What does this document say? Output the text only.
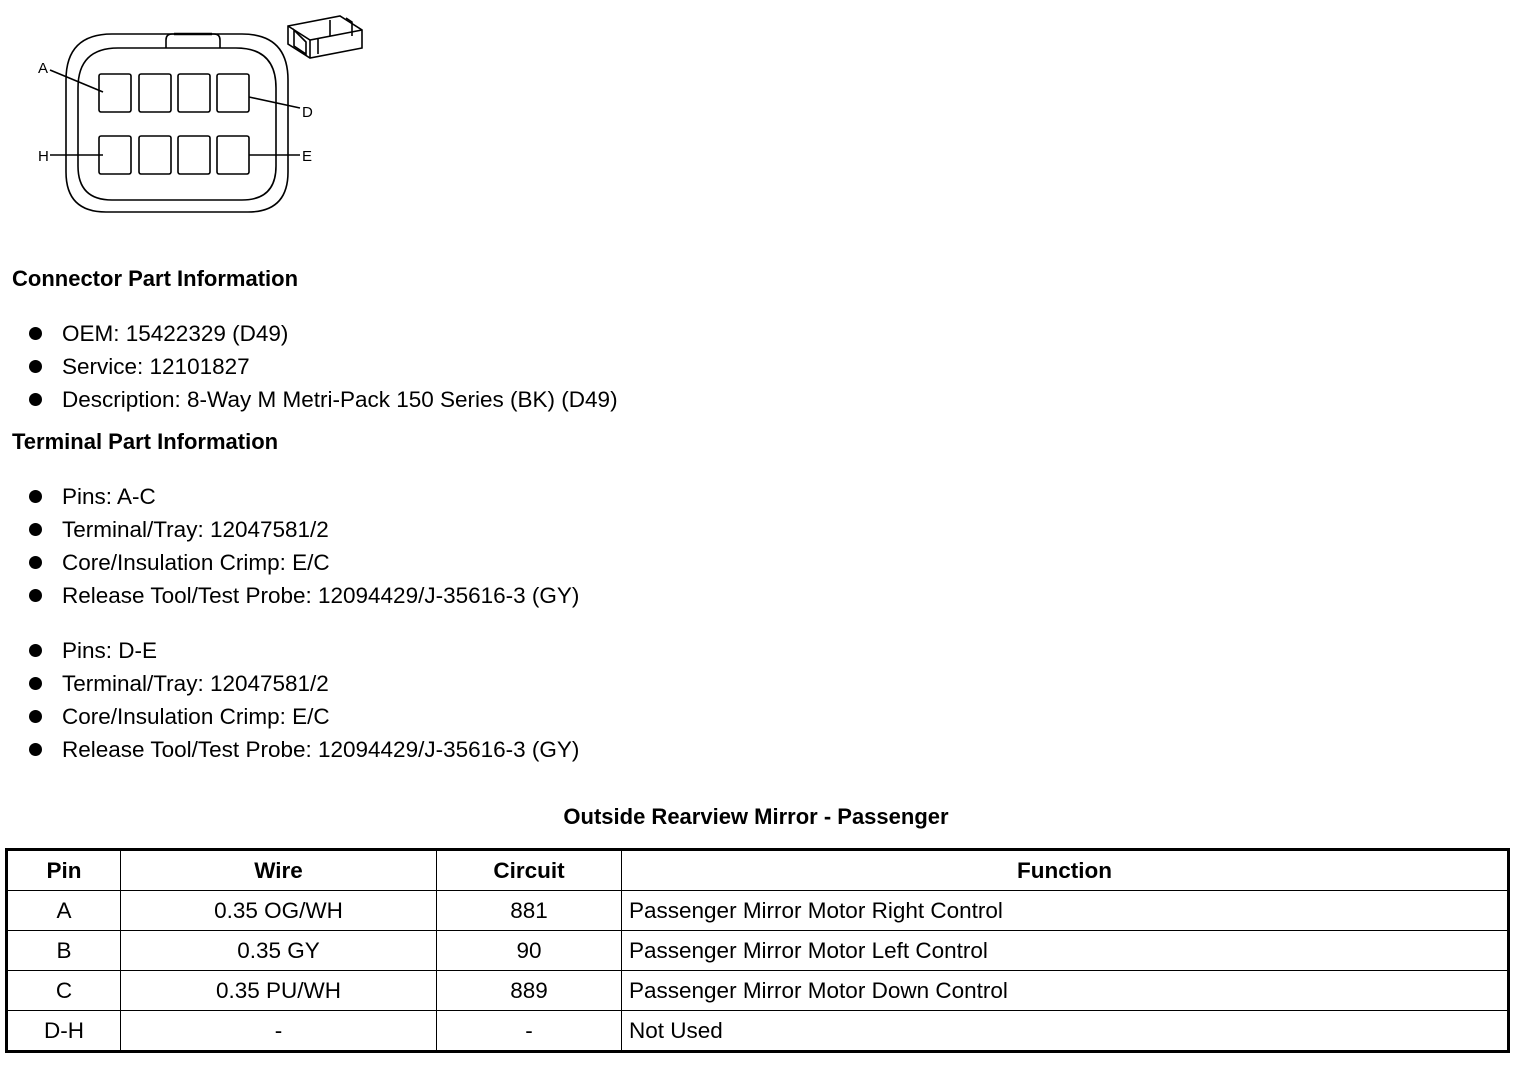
A
D
H	E
Connector Part Information
OEM: 15422329 (D49)
Service: 12101827
Description: 8-Way M Metri-Pack 150 Series (BK) (D49)
Terminal Part Information
Pins: A-C
Terminal/Tray: 12047581/2
Core/Insulation Crimp: E/C
Release Tool/Test Probe: 12094429/J-35616-3 (GY)
Pins: D-E
Terminal/Tray: 12047581/2
Core/Insulation Crimp: E/C
Release Tool/Test Probe: 12094429/J-35616-3 (GY)
Outside Rearview Mirror - Passenger
Pin	Wire	Circuit	Function
A	0.35 OG/WH	881	Passenger Mirror Motor Right Control
B	0.35 GY	90	Passenger Mirror Motor Left Control
C	0.35 PU/WH	889	Passenger Mirror Motor Down Control
D-H	-	-	Not Used
